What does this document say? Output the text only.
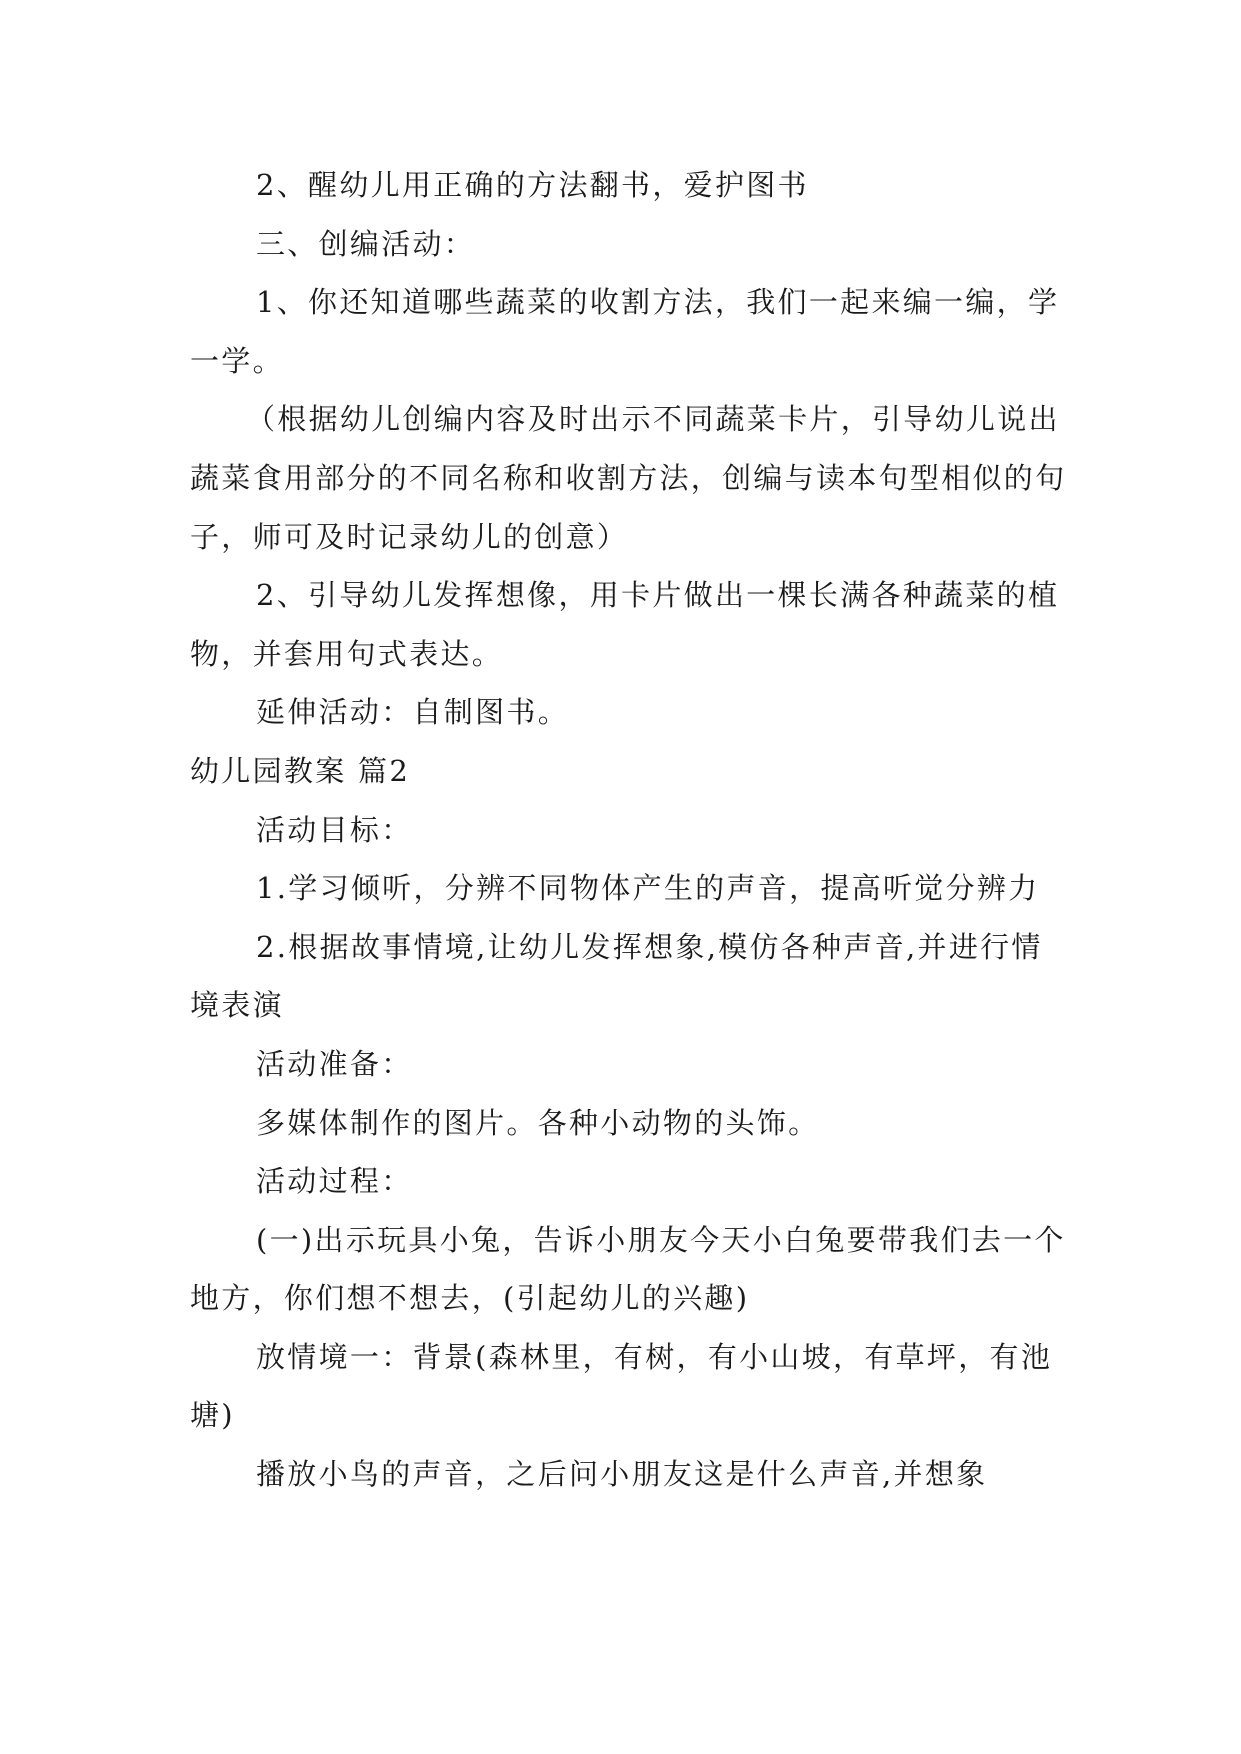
2、醒幼儿用正确的方法翻书，爱护图书

三、创编活动：

1、你还知道哪些蔬菜的收割方法，我们一起来编一编，学一学。

（根据幼儿创编内容及时出示不同蔬菜卡片，引导幼儿说出蔬菜食用部分的不同名称和收割方法，创编与读本句型相似的句子，师可及时记录幼儿的创意）

2、引导幼儿发挥想像，用卡片做出一棵长满各种蔬菜的植物，并套用句式表达。

延伸活动：自制图书。

幼儿园教案 篇2

活动目标：

1.学习倾听，分辨不同物体产生的声音，提高听觉分辨力

2.根据故事情境,让幼儿发挥想象,模仿各种声音,并进行情境表演

活动准备：

多媒体制作的图片。各种小动物的头饰。

活动过程：

(一)出示玩具小兔，告诉小朋友今天小白兔要带我们去一个地方，你们想不想去，(引起幼儿的兴趣)

放情境一：背景(森林里，有树，有小山坡，有草坪，有池塘)

播放小鸟的声音，之后问小朋友这是什么声音,并想象
